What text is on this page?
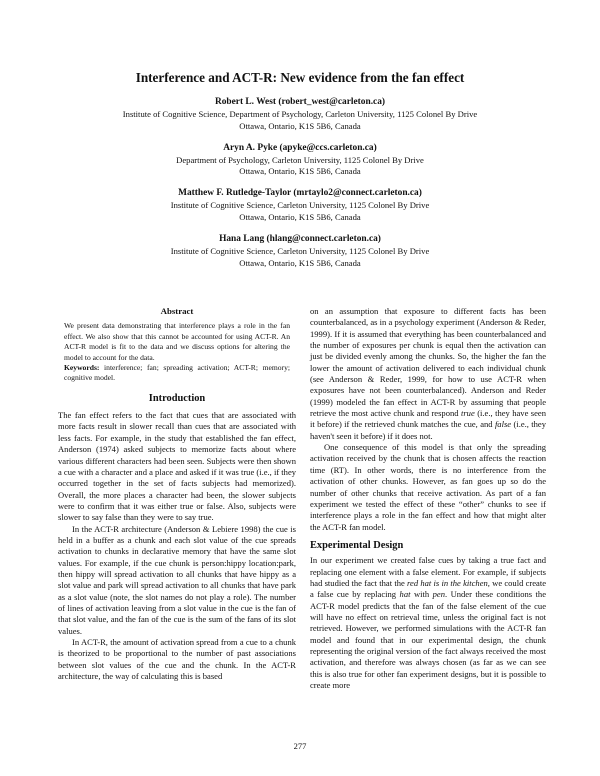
Interference and ACT-R: New evidence from the fan effect
Robert L. West (robert_west@carleton.ca)
Institute of Cognitive Science, Department of Psychology, Carleton University, 1125 Colonel By Drive
Ottawa, Ontario, K1S 5B6, Canada
Aryn A. Pyke (apyke@ccs.carleton.ca)
Department of Psychology, Carleton University, 1125 Colonel By Drive
Ottawa, Ontario, K1S 5B6, Canada
Matthew F. Rutledge-Taylor (mrtaylo2@connect.carleton.ca)
Institute of Cognitive Science, Carleton University, 1125 Colonel By Drive
Ottawa, Ontario, K1S 5B6, Canada
Hana Lang (hlang@connect.carleton.ca)
Institute of Cognitive Science, Carleton University, 1125 Colonel By Drive
Ottawa, Ontario, K1S 5B6, Canada
Abstract

We present data demonstrating that interference plays a role in the fan effect. We also show that this cannot be accounted for using ACT-R. An ACT-R model is fit to the data and we discuss options for altering the model to account for the data.

Keywords: interference; fan; spreading activation; ACT-R; memory; cognitive model.

Introduction

The fan effect refers to the fact that cues that are associated with more facts result in slower recall than cues that are associated with less facts. For example, in the study that established the fan effect, Anderson (1974) asked subjects to memorize facts about where various different characters had been seen. Subjects were then shown a cue with a character and a place and asked if it was true (i.e., if they occurred together in the set of facts subjects had memorized). Overall, the more places a character had been, the slower subjects were to confirm that it was either true or false. Also, subjects were slower to say false than they were to say true.

In the ACT-R architecture (Anderson & Lebiere 1998) the cue is held in a buffer as a chunk and each slot value of the cue spreads activation to chunks in declarative memory that have the same slot values. For example, if the cue chunk is person:hippy location:park, then hippy will spread activation to all chunks that have hippy as a slot value and park will spread activation to all chunks that have park as a slot value (note, the slot names do not play a role). The number of lines of activation leaving from a slot value in the cue is the fan of that slot value, and the fan of the cue is the sum of the fans of its slot values.

In ACT-R, the amount of activation spread from a cue to a chunk is theorized to be proportional to the number of past associations between slot values of the cue and the chunk. In the ACT-R architecture, the way of calculating this is based

on an assumption that exposure to different facts has been counterbalanced, as in a psychology experiment (Anderson & Reder, 1999). If it is assumed that everything has been counterbalanced and the number of exposures per chunk is equal then the activation can just be divided evenly among the chunks. So, the higher the fan the lower the amount of activation delivered to each individual chunk (see Anderson & Reder, 1999, for how to use ACT-R when exposures have not been counterbalanced). Anderson and Reder (1999) modeled the fan effect in ACT-R by assuming that people retrieve the most active chunk and respond true (i.e., they have seen it before) if the retrieved chunk matches the cue, and false (i.e., they haven't seen it before) if it does not.

One consequence of this model is that only the spreading activation received by the chunk that is chosen affects the reaction time (RT). In other words, there is no interference from the activation of other chunks. However, as fan goes up so do the number of other chunks that receive activation. As part of a fan experiment we tested the effect of these “other” chunks to see if interference plays a role in the fan effect and how that might alter the ACT-R fan model.

Experimental Design

In our experiment we created false cues by taking a true fact and replacing one element with a false element. For example, if subjects had studied the fact that the red hat is in the kitchen, we could create a false cue by replacing hat with pen. Under these conditions the ACT-R model predicts that the fan of the false element of the cue will have no effect on retrieval time, unless the original fact is not retrieved. However, we performed simulations with the ACT-R fan model and found that in our experimental design, the chunk representing the original version of the fact always received the most activation, and therefore was always chosen (as far as we can see this is also true for other fan experiment designs, but it is possible to create more

277
